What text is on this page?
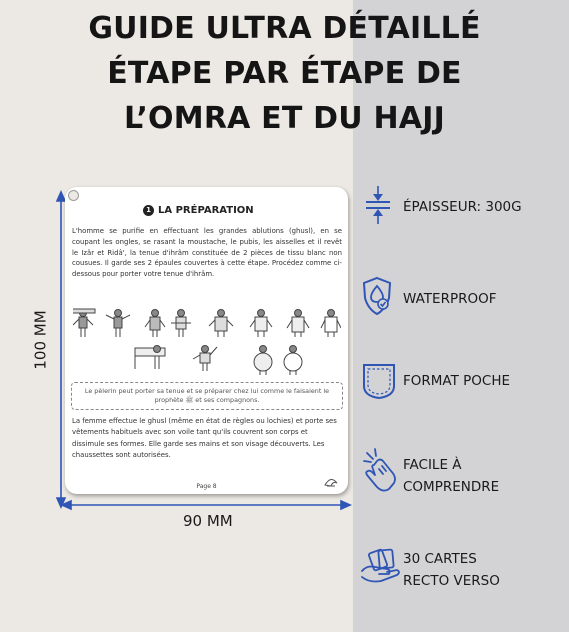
GUIDE ULTRA DÉTAILLÉ
ÉTAPE PAR ÉTAPE DE
L’OMRA ET DU HAJJ
100 MM
90 MM
1 LA PRÉPARATION
L'homme se purifie en effectuant les grandes ablutions (ghusl), en se coupant les ongles, se rasant la moustache, le pubis, les aisselles et il revêt le Izâr et Ridâ', la tenue d'ihrâm constituée de 2 pièces de tissu blanc non cousues. Il garde ses 2 épaules couvertes à cette étape. Procédez comme ci-dessous pour porter votre tenue d'ihrâm.
Le pèlerin peut porter sa tenue et se préparer chez lui comme le faisaient le prophète ﷺ et ses compagnons.
La femme effectue le ghusl (même en état de règles ou lochies) et porte ses vêtements habituels avec son voile tant qu'ils couvrent son corps et dissimule ses formes. Elle garde ses mains et son visage découverts. Les chaussettes sont autorisées.
Page 8
ÉPAISSEUR: 300G
WATERPROOF
FORMAT POCHE
FACILE À
COMPRENDRE
30 CARTES
RECTO VERSO
